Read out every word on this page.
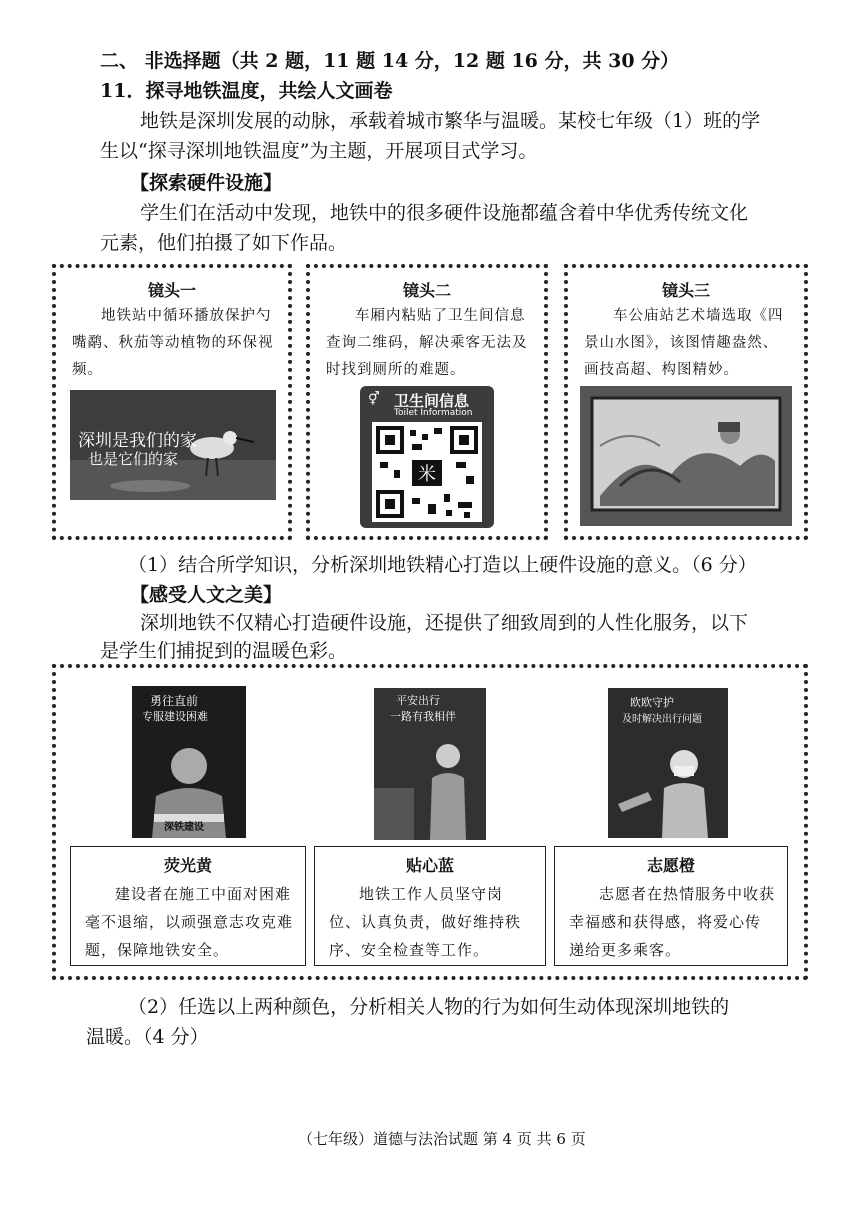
二、 非选择题（共 2 题，11 题 14 分，12 题 16 分，共 30 分）
11．探寻地铁温度，共绘人文画卷
地铁是深圳发展的动脉，承载着城市繁华与温暖。某校七年级（1）班的学
生以“探寻深圳地铁温度”为主题，开展项目式学习。
【探索硬件设施】
学生们在活动中发现，地铁中的很多硬件设施都蕴含着中华优秀传统文化
元素，他们拍摄了如下作品。
镜头一
地铁站中循环播放保护勺嘴鹬、秋茄等动植物的环保视频。
深圳是我们的家
也是它们的家
镜头二
车厢内粘贴了卫生间信息查询二维码，解决乘客无法及时找到厕所的难题。
⚥ 卫生间信息
Toilet Information
米
镜头三
车公庙站艺术墙选取《四景山水图》，该图情趣盎然、画技高超、构图精妙。
（1）结合所学知识，分析深圳地铁精心打造以上硬件设施的意义。（6 分）
【感受人文之美】
深圳地铁不仅精心打造硬件设施，还提供了细致周到的人性化服务，以下
是学生们捕捉到的温暖色彩。
勇往直前
专服建设困难
深铁建设
平安出行
一路有我相伴
欧欧守护
及时解决出行问题
荧光黄
建设者在施工中面对困难毫不退缩，以顽强意志攻克难题，保障地铁安全。
贴心蓝
地铁工作人员坚守岗位、认真负责，做好维持秩序、安全检查等工作。
志愿橙
志愿者在热情服务中收获幸福感和获得感，将爱心传递给更多乘客。
（2）任选以上两种颜色，分析相关人物的行为如何生动体现深圳地铁的
温暖。（4 分）
（七年级）道德与法治试题 第 4 页 共 6 页
